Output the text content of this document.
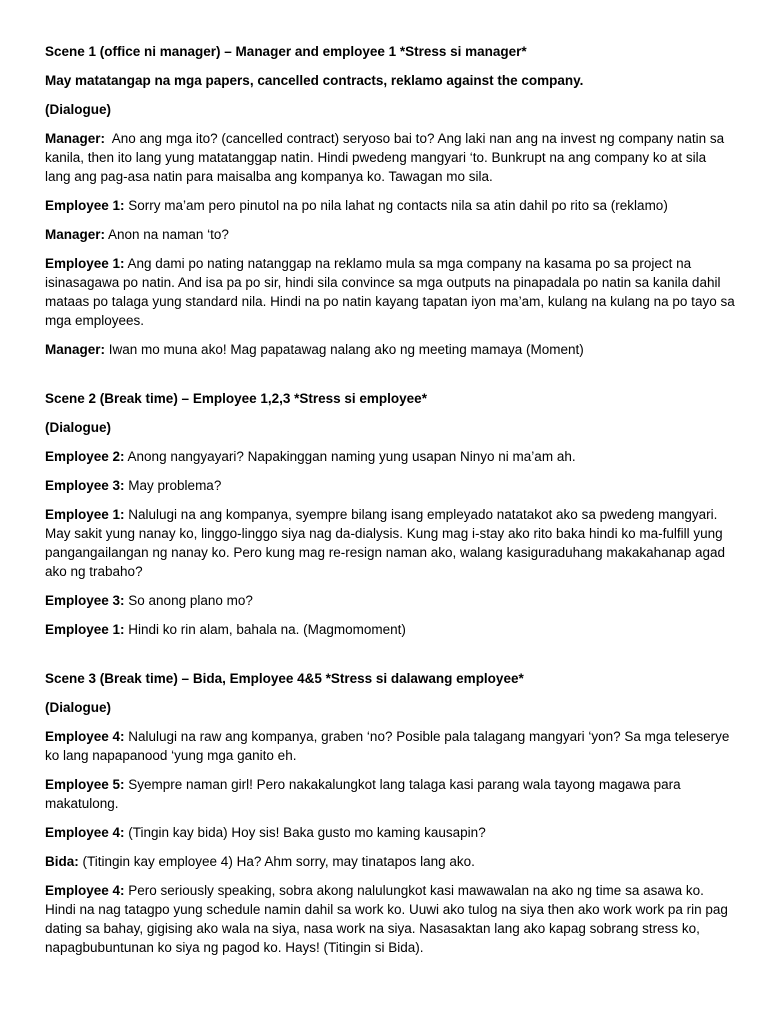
Scene 1 (office ni manager) – Manager and employee 1 *Stress si manager*

May matatangap na mga papers, cancelled contracts, reklamo against the company.

(Dialogue)

Manager:  Ano ang mga ito? (cancelled contract) seryoso bai to? Ang laki nan ang na invest ng company natin sa kanila, then ito lang yung matatanggap natin. Hindi pwedeng mangyari ‘to. Bunkrupt na ang company ko at sila lang ang pag-asa natin para maisalba ang kompanya ko. Tawagan mo sila.

Employee 1: Sorry ma’am pero pinutol na po nila lahat ng contacts nila sa atin dahil po rito sa (reklamo)

Manager: Anon na naman ‘to?

Employee 1: Ang dami po nating natanggap na reklamo mula sa mga company na kasama po sa project na isinasagawa po natin. And isa pa po sir, hindi sila convince sa mga outputs na pinapadala po natin sa kanila dahil mataas po talaga yung standard nila. Hindi na po natin kayang tapatan iyon ma’am, kulang na kulang na po tayo sa mga employees.

Manager: Iwan mo muna ako! Mag papatawag nalang ako ng meeting mamaya (Moment)

Scene 2 (Break time) – Employee 1,2,3 *Stress si employee*

(Dialogue)

Employee 2: Anong nangyayari? Napakinggan naming yung usapan Ninyo ni ma’am ah.

Employee 3: May problema?

Employee 1: Nalulugi na ang kompanya, syempre bilang isang empleyado natatakot ako sa pwedeng mangyari. May sakit yung nanay ko, linggo-linggo siya nag da-dialysis. Kung mag i-stay ako rito baka hindi ko ma-fulfill yung pangangailangan ng nanay ko. Pero kung mag re-resign naman ako, walang kasiguraduhang makakahanap agad ako ng trabaho?

Employee 3: So anong plano mo?

Employee 1: Hindi ko rin alam, bahala na. (Magmomoment)

Scene 3 (Break time) – Bida, Employee 4&5 *Stress si dalawang employee*

(Dialogue)

Employee 4: Nalulugi na raw ang kompanya, graben ‘no? Posible pala talagang mangyari ‘yon? Sa mga teleserye ko lang napapanood ‘yung mga ganito eh.

Employee 5: Syempre naman girl! Pero nakakalungkot lang talaga kasi parang wala tayong magawa para makatulong.

Employee 4: (Tingin kay bida) Hoy sis! Baka gusto mo kaming kausapin?

Bida: (Titingin kay employee 4) Ha? Ahm sorry, may tinatapos lang ako.

Employee 4: Pero seriously speaking, sobra akong nalulungkot kasi mawawalan na ako ng time sa asawa ko. Hindi na nag tatagpo yung schedule namin dahil sa work ko. Uuwi ako tulog na siya then ako work work pa rin pag dating sa bahay, gigising ako wala na siya, nasa work na siya. Nasasaktan lang ako kapag sobrang stress ko, napagbubuntunan ko siya ng pagod ko. Hays! (Titingin si Bida).
